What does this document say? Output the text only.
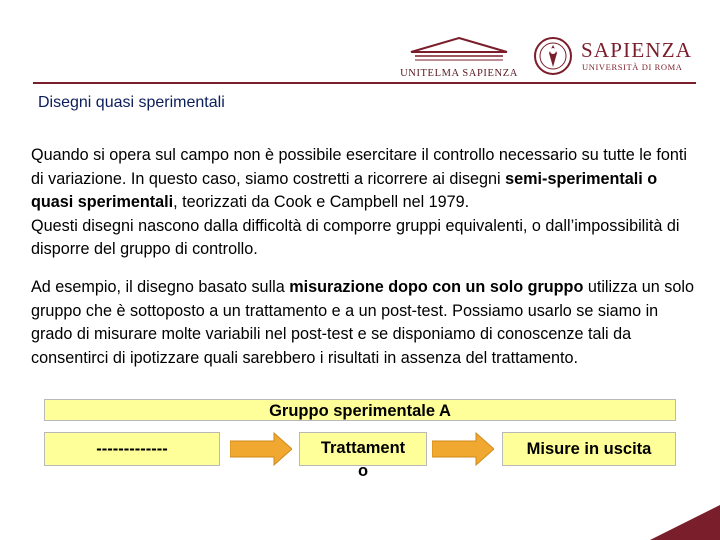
UNITELMA SAPIENZA
SAPIENZA
UNIVERSITÀ DI ROMA
Disegni quasi sperimentali

Quando si opera sul campo non è possibile esercitare il controllo necessario su tutte le fonti di variazione. In questo caso, siamo costretti a ricorrere ai disegni semi-sperimentali o quasi sperimentali, teorizzati da Cook e Campbell nel 1979.
Questi disegni nascono dalla difficoltà di comporre gruppi equivalenti, o dall’impossibilità di disporre del gruppo di controllo.

Ad esempio, il disegno basato sulla misurazione dopo con un solo gruppo utilizza un solo gruppo che è sottoposto a un trattamento e a un post-test. Possiamo usarlo se siamo in grado di misurare molte variabili nel post-test e se disponiamo di conoscenze tali da consentirci di ipotizzare quali sarebbero i risultati in assenza del trattamento.

Gruppo sperimentale A
-------------	Trattament
o
Misure in uscita
